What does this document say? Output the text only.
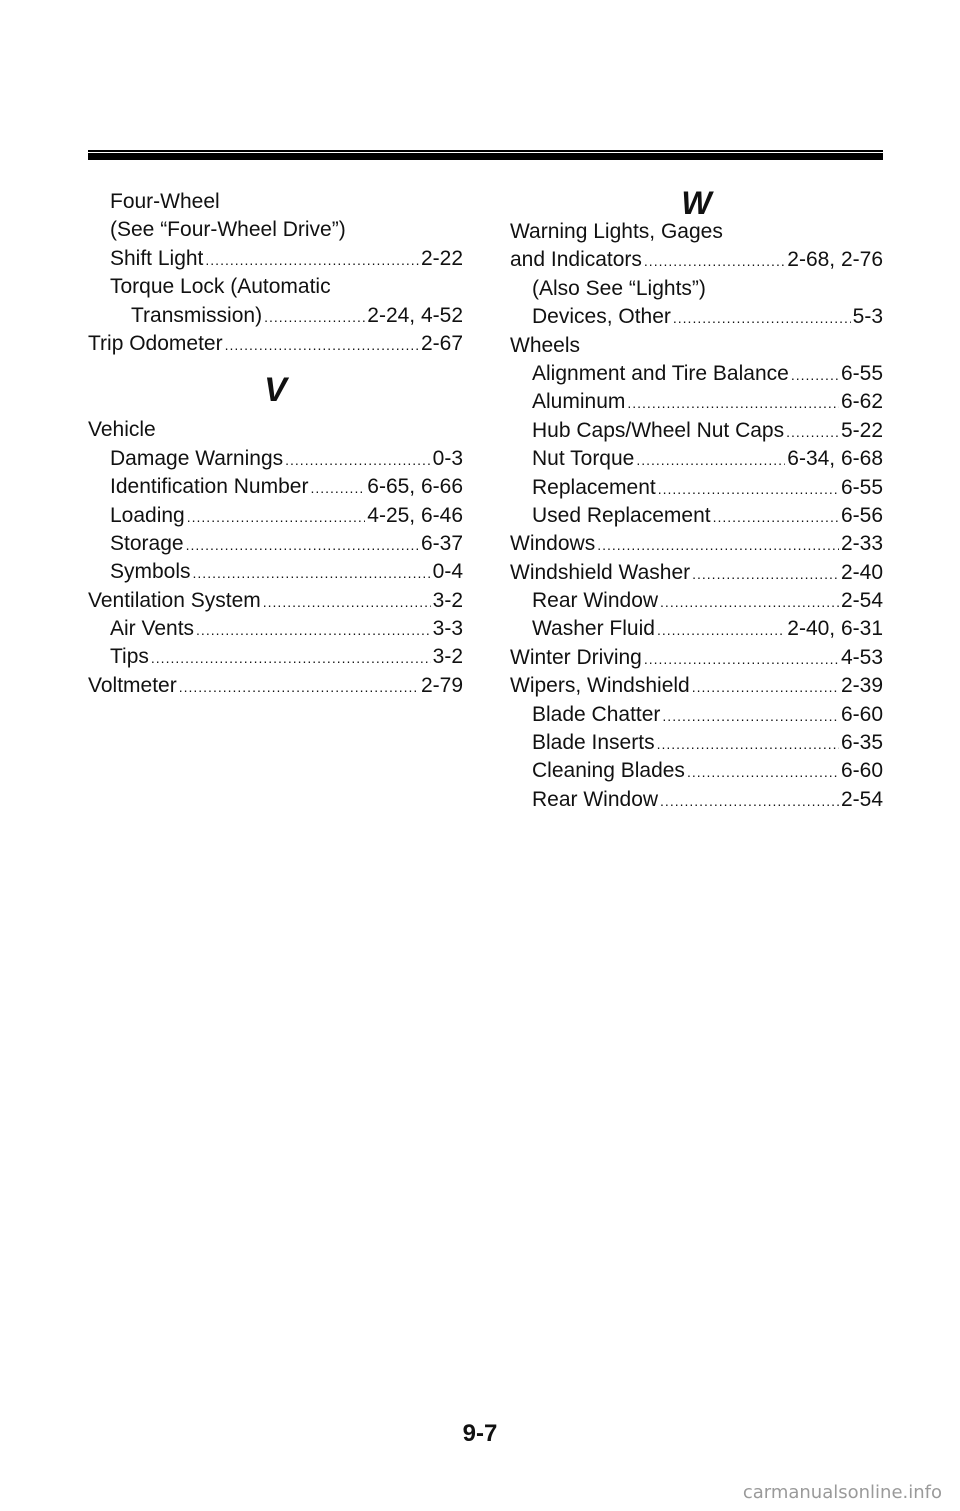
Four-Wheel
(See “Four-Wheel Drive”)
Shift Light .....	2-22
Torque Lock (Automatic
Transmission) .....	2-24, 4-52
Trip Odometer .....	2-67
V
Vehicle
Damage Warnings .....	0-3
Identification Number .....	6-65, 6-66
Loading .....	4-25, 6-46
Storage .....	6-37
Symbols .....	0-4
Ventilation System .....	3-2
Air Vents .....	3-3
Tips .....	3-2
Voltmeter .....	2-79
W
Warning Lights, Gages
and Indicators .....	2-68, 2-76
(Also See “Lights”)
Devices, Other .....	5-3
Wheels
Alignment and Tire Balance ..... 6-55
Aluminum .....	6-62
Hub Caps/Wheel Nut Caps .....	5-22
Nut Torque .....	6-34, 6-68
Replacement .....	6-55
Used Replacement .....	6-56
Windows .....	2-33
Windshield Washer .....	2-40
Rear Window .....	2-54
Washer Fluid .....	2-40, 6-31
Winter Driving .....	4-53
Wipers, Windshield .....	2-39
Blade Chatter .....	6-60
Blade Inserts .....	6-35
Cleaning Blades .....	6-60
Rear Window .....	2-54
9-7
carmanualsonline.info
